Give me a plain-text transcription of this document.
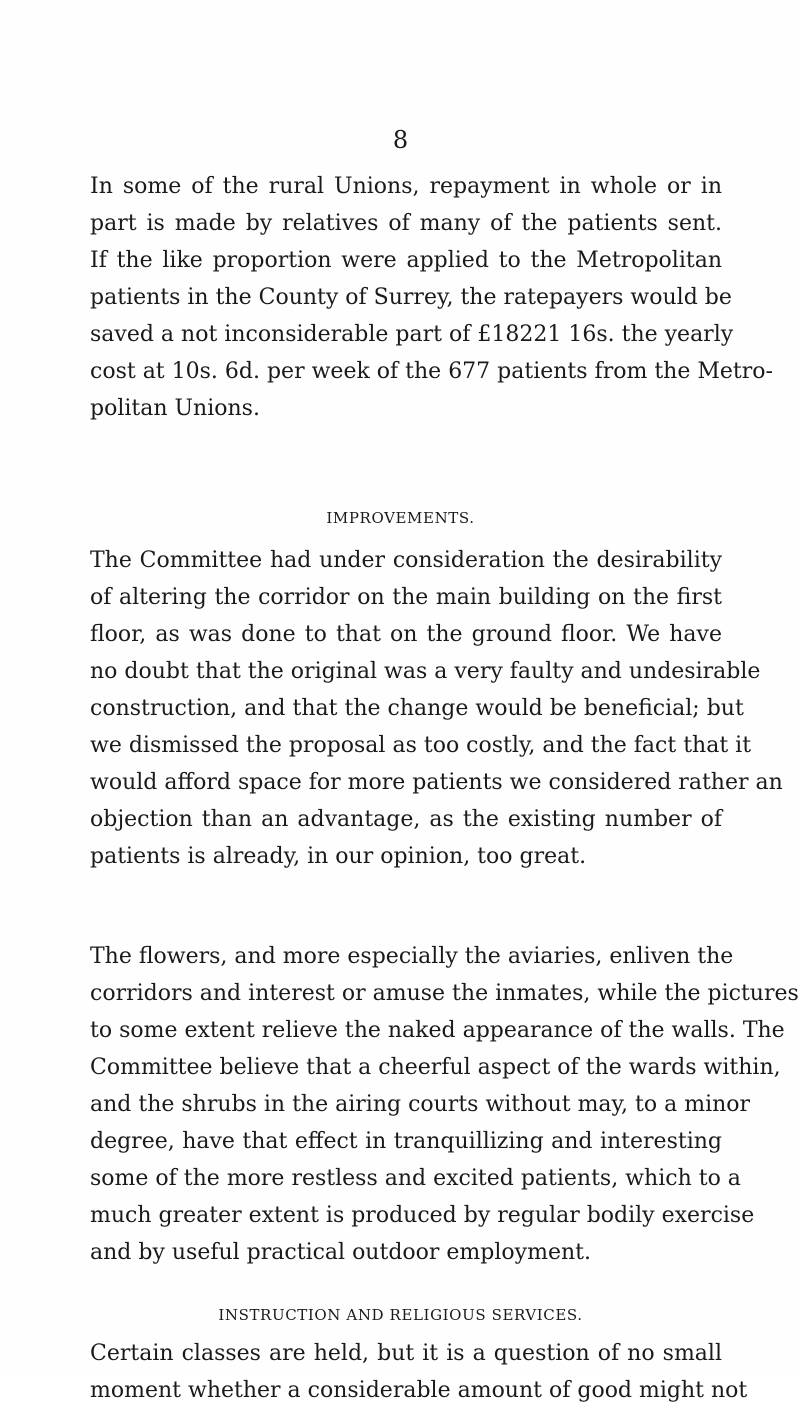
8
In some of the rural Unions, repayment in whole or in
part is made by relatives of many of the patients sent.
If the like proportion were applied to the Metropolitan
patients in the County of Surrey, the ratepayers would be
saved a not inconsiderable part of £18221 16s. the yearly
cost at 10s. 6d. per week of the 677 patients from the Metro-
politan Unions.
IMPROVEMENTS.
The Committee had under consideration the desirability
of altering the corridor on the main building on the first
floor, as was done to that on the ground floor. We have
no doubt that the original was a very faulty and undesirable
construction, and that the change would be beneficial; but
we dismissed the proposal as too costly, and the fact that it
would afford space for more patients we considered rather an
objection than an advantage, as the existing number of
patients is already, in our opinion, too great.
The flowers, and more especially the aviaries, enliven the
corridors and interest or amuse the inmates, while the pictures
to some extent relieve the naked appearance of the walls. The
Committee believe that a cheerful aspect of the wards within,
and the shrubs in the airing courts without may, to a minor
degree, have that effect in tranquillizing and interesting
some of the more restless and excited patients, which to a
much greater extent is produced by regular bodily exercise
and by useful practical outdoor employment.
INSTRUCTION AND RELIGIOUS SERVICES.
Certain classes are held, but it is a question of no small
moment whether a considerable amount of good might not
